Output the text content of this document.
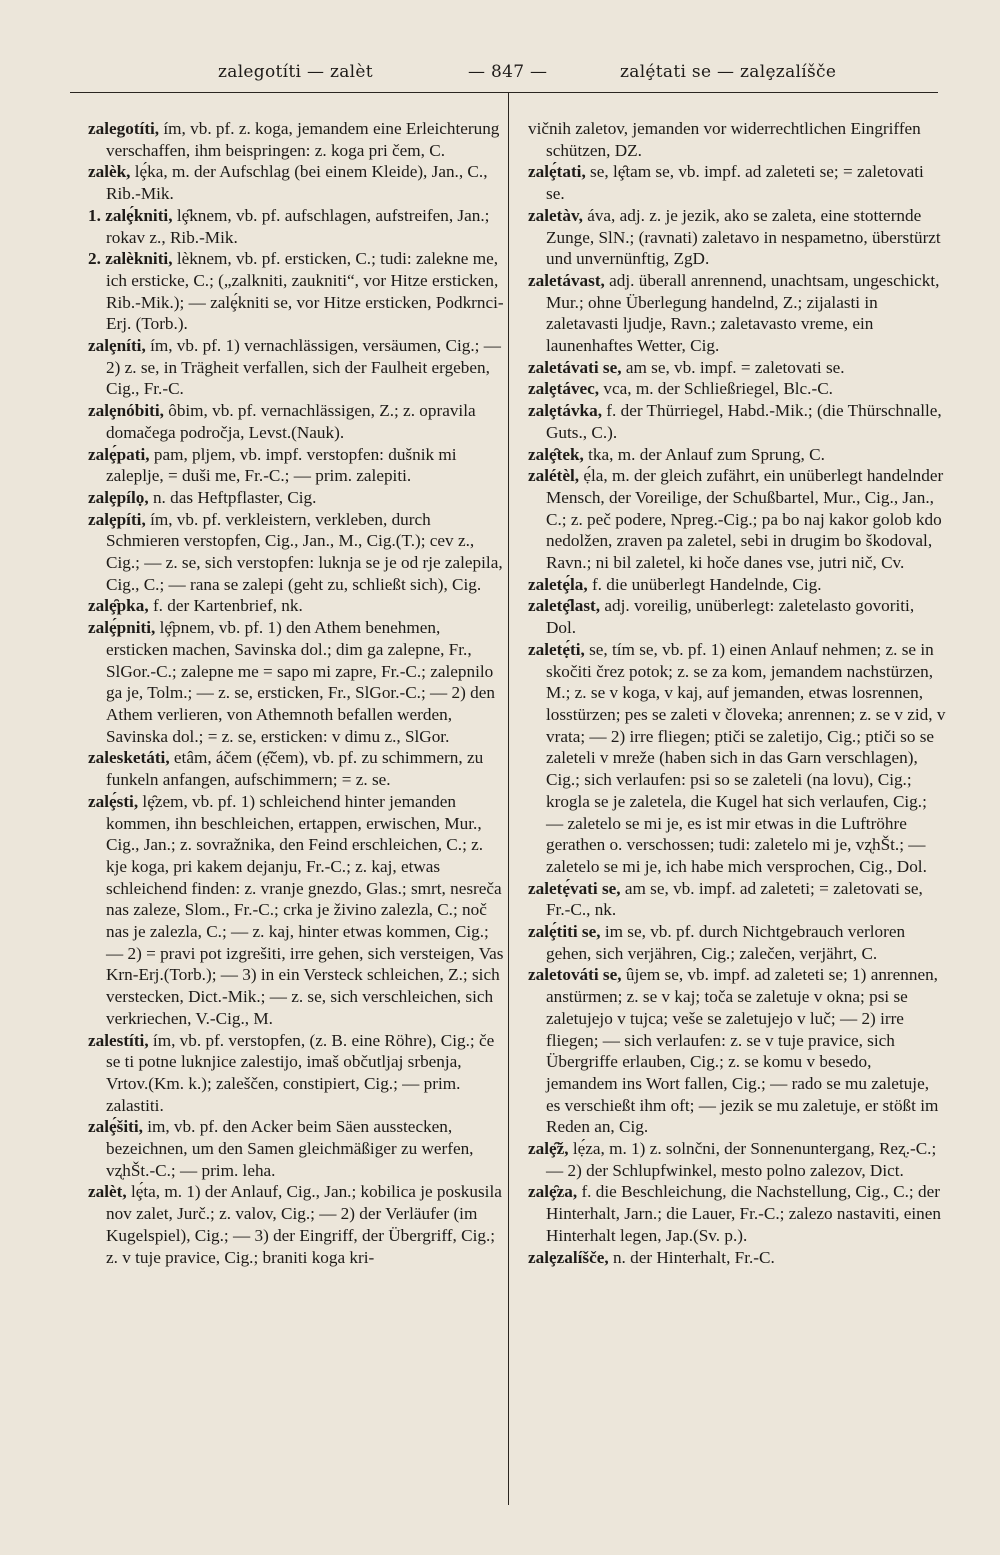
zalegotíti — zalèt	— 847 —	zalȩ́tati se — zalȩzalíšče

zalegotíti, ím, vb. pf. z. koga, jemandem eine Erleichterung verschaffen, ihm beispringen: z. koga pri čem, C.

zalèk, lȩ́ka, m. der Aufschlag (bei einem Kleide), Jan., C., Rib.-Mik.

1. zalȩ́kniti, lȩ̑knem, vb. pf. aufschlagen, aufstreifen, Jan.; rokav z., Rib.-Mik.

2. zalèkniti, lèknem, vb. pf. ersticken, C.; tudi: zalekne me, ich ersticke, C.; („zalkniti, zaukniti“, vor Hitze ersticken, Rib.-Mik.); — zalȩ́kniti se, vor Hitze ersticken, Podkrnci-Erj. (Torb.).

zalȩníti, ím, vb. pf. 1) vernachlässigen, versäumen, Cig.; — 2) z. se, in Trägheit verfallen, sich der Faulheit ergeben, Cig., Fr.-C.

zalȩnóbiti, ôbim, vb. pf. vernachlässigen, Z.; z. opravila domačega področja, Levst.(Nauk).

zalȩ́pati, pam, pljem, vb. impf. verstopfen: dušnik mi zaleplje, = duši me, Fr.-C.; — prim. zalepiti.

zalȩpílọ, n. das Heftpflaster, Cig.

zalȩpíti, ím, vb. pf. verkleistern, verkleben, durch Schmieren verstopfen, Cig., Jan., M., Cig.(T.); cev z., Cig.; — z. se, sich verstopfen: luknja se je od rje zalepila, Cig., C.; — rana se zalepi (geht zu, schließt sich), Cig.

zalȩ̑pka, f. der Kartenbrief, nk.

zalȩ́pniti, lȩ̑pnem, vb. pf. 1) den Athem benehmen, ersticken machen, Savinska dol.; dim ga zalepne, Fr., SlGor.-C.; zalepne me = sapo mi zapre, Fr.-C.; zalepnilo ga je, Tolm.; — z. se, ersticken, Fr., SlGor.-C.; — 2) den Athem verlieren, von Athemnoth befallen werden, Savinska dol.; = z. se, ersticken: v dimu z., SlGor.

zalesketáti, etâm, áčem (ẹ̑čem), vb. pf. zu schimmern, zu funkeln anfangen, aufschimmern; = z. se.

zalȩ́sti, lȩ̑zem, vb. pf. 1) schleichend hinter jemanden kommen, ihn beschleichen, ertappen, erwischen, Mur., Cig., Jan.; z. sovražnika, den Feind erschleichen, C.; z. kje koga, pri kakem dejanju, Fr.-C.; z. kaj, etwas schleichend finden: z. vranje gnezdo, Glas.; smrt, nesreča nas zaleze, Slom., Fr.-C.; crka je živino zalezla, C.; noč nas je zalezla, C.; — z. kaj, hinter etwas kommen, Cig.; — 2) = pravi pot izgrešiti, irre gehen, sich versteigen, Vas Krn-Erj.(Torb.); — 3) in ein Versteck schleichen, Z.; sich verstecken, Dict.-Mik.; — z. se, sich verschleichen, sich verkriechen, V.-Cig., M.

zalestíti, ím, vb. pf. verstopfen, (z. B. eine Röhre), Cig.; če se ti potne luknjice zalestijo, imaš občutljaj srbenja, Vrtov.(Km. k.); zaleščen, constipiert, Cig.; — prim. zalastiti.

zalȩ́šiti, im, vb. pf. den Acker beim Säen ausstecken, bezeichnen, um den Samen gleichmäßiger zu werfen, vʐhŠt.-C.; — prim. leha.

zalèt, lȩ́ta, m. 1) der Anlauf, Cig., Jan.; kobilica je poskusila nov zalet, Jurč.; z. valov, Cig.; — 2) der Verläufer (im Kugelspiel), Cig.; — 3) der Eingriff, der Übergriff, Cig.; z. v tuje pravice, Cig.; braniti koga kri-

vičnih zaletov, jemanden vor widerrechtlichen Eingriffen schützen, DZ.

zalȩ́tati, se, lȩ̑tam se, vb. impf. ad zaleteti se; = zaletovati se.

zaletàv, áva, adj. z. je jezik, ako se zaleta, eine stotternde Zunge, SlN.; (ravnati) zaletavo in nespametno, überstürzt und unvernünftig, ZgD.

zaletávast, adj. überall anrennend, unachtsam, ungeschickt, Mur.; ohne Überlegung handelnd, Z.; zijalasti in zaletavasti ljudje, Ravn.; zaletavasto vreme, ein launenhaftes Wetter, Cig.

zaletávati se, am se, vb. impf. = zaletovati se.

zalȩtávec, vca, m. der Schließriegel, Blc.-C.

zalȩtávka, f. der Thürriegel, Habd.-Mik.; (die Thürschnalle, Guts., C.).

zalȩ̑tek, tka, m. der Anlauf zum Sprung, C.

zalétèl, ẹ́la, m. der gleich zufährt, ein unüberlegt handelnder Mensch, der Voreilige, der Schußbartel, Mur., Cig., Jan., C.; z. peč podere, Npreg.-Cig.; pa bo naj kakor golob kdo nedolžen, zraven pa zaletel, sebi in drugim bo škodoval, Ravn.; ni bil zaletel, ki hoče danes vse, jutri nič, Cv.

zaletȩ́la, f. die unüberlegt Handelnde, Cig.

zaletȩ̑last, adj. voreilig, unüberlegt: zaletelasto govoriti, Dol.

zaletẹ́ti, se, tím se, vb. pf. 1) einen Anlauf nehmen; z. se in skočiti črez potok; z. se za kom, jemandem nachstürzen, M.; z. se v koga, v kaj, auf jemanden, etwas losrennen, losstürzen; pes se zaleti v človeka; anrennen; z. se v zid, v vrata; — 2) irre fliegen; ptiči se zaletijo, Cig.; ptiči so se zaleteli v mreže (haben sich in das Garn verschlagen), Cig.; sich verlaufen: psi so se zaleteli (na lovu), Cig.; krogla se je zaletela, die Kugel hat sich verlaufen, Cig.; — zaletelo se mi je, es ist mir etwas in die Luftröhre gerathen o. verschossen; tudi: zaletelo mi je, vʐhŠt.; — zaletelo se mi je, ich habe mich versprochen, Cig., Dol.

zaletẹ́vati se, am se, vb. impf. ad zaleteti; = zaletovati se, Fr.-C., nk.

zalȩ́titi se, im se, vb. pf. durch Nichtgebrauch verloren gehen, sich verjähren, Cig.; zalečen, verjährt, C.

zaletováti se, ûjem se, vb. impf. ad zaleteti se; 1) anrennen, anstürmen; z. se v kaj; toča se zaletuje v okna; psi se zaletujejo v tujca; veše se zaletujejo v luč; — 2) irre fliegen; — sich verlaufen: z. se v tuje pravice, sich Übergriffe erlauben, Cig.; z. se komu v besedo, jemandem ins Wort fallen, Cig.; — rado se mu zaletuje, es verschießt ihm oft; — jezik se mu zaletuje, er stößt im Reden an, Cig.

zalȩ̑ž, lẹ́za, m. 1) z. solnčni, der Sonnenuntergang, Reʐ.-C.; — 2) der Schlupfwinkel, mesto polno zalezov, Dict.

zalȩ̑za, f. die Beschleichung, die Nachstellung, Cig., C.; der Hinterhalt, Jarn.; die Lauer, Fr.-C.; zalezo nastaviti, einen Hinterhalt legen, Jap.(Sv. p.).

zalȩzalíšče, n. der Hinterhalt, Fr.-C.
